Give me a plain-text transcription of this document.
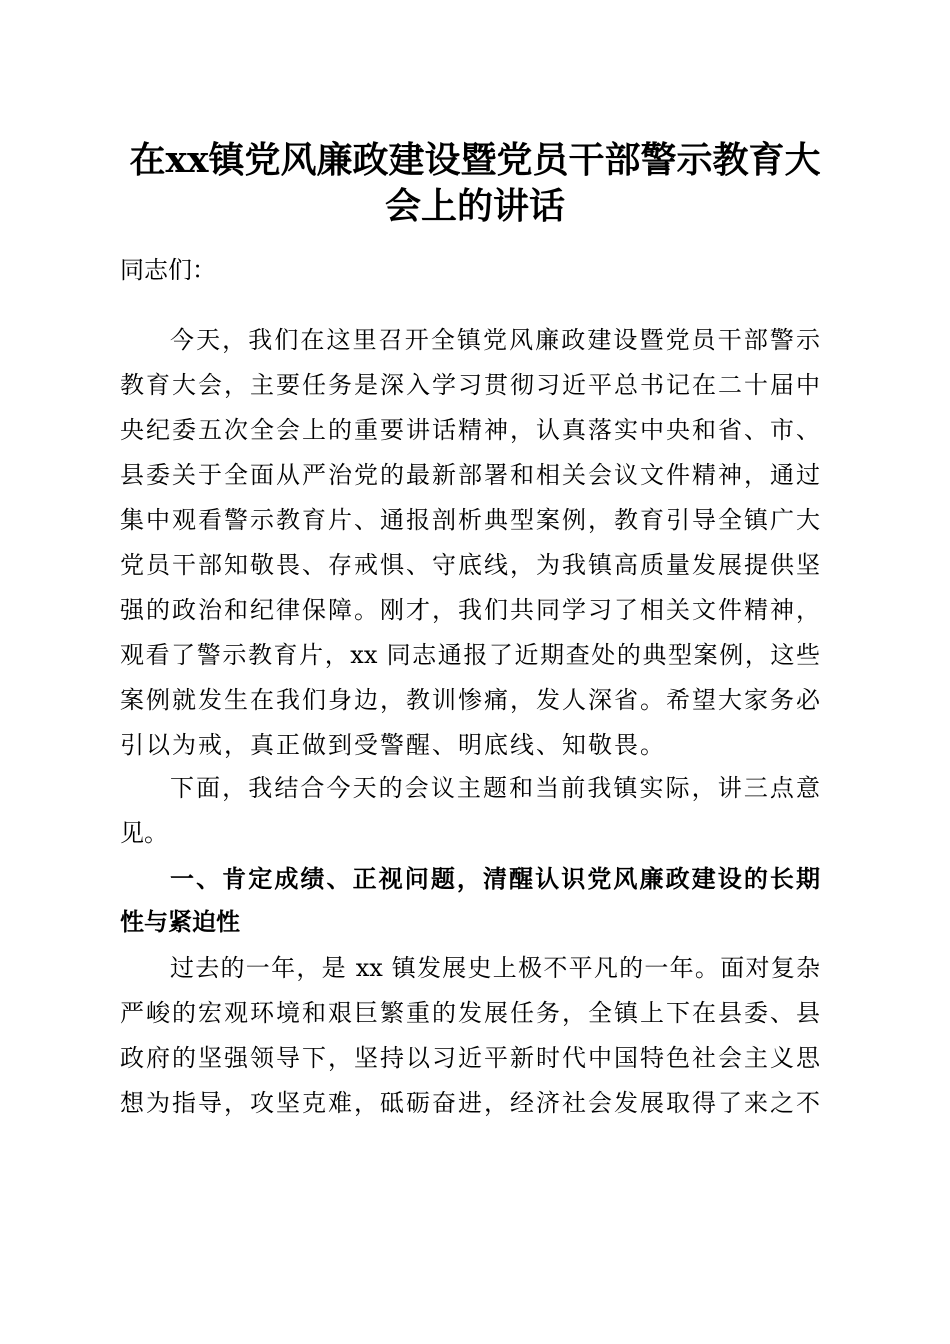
在xx镇党风廉政建设暨党员干部警示教育大
会上的讲话
同志们：
今天，我们在这里召开全镇党风廉政建设暨党员干部警示
教育大会，主要任务是深入学习贯彻习近平总书记在二十届中
央纪委五次全会上的重要讲话精神，认真落实中央和省、市、
县委关于全面从严治党的最新部署和相关会议文件精神，通过
集中观看警示教育片、通报剖析典型案例，教育引导全镇广大
党员干部知敬畏、存戒惧、守底线，为我镇高质量发展提供坚
强的政治和纪律保障。刚才，我们共同学习了相关文件精神，
观看了警示教育片，xx 同志通报了近期查处的典型案例，这些
案例就发生在我们身边，教训惨痛，发人深省。希望大家务必
引以为戒，真正做到受警醒、明底线、知敬畏。
下面，我结合今天的会议主题和当前我镇实际，讲三点意
见。
一、肯定成绩、正视问题，清醒认识党风廉政建设的长期
性与紧迫性
过去的一年，是 xx 镇发展史上极不平凡的一年。面对复杂
严峻的宏观环境和艰巨繁重的发展任务，全镇上下在县委、县
政府的坚强领导下，坚持以习近平新时代中国特色社会主义思
想为指导，攻坚克难，砥砺奋进，经济社会发展取得了来之不
